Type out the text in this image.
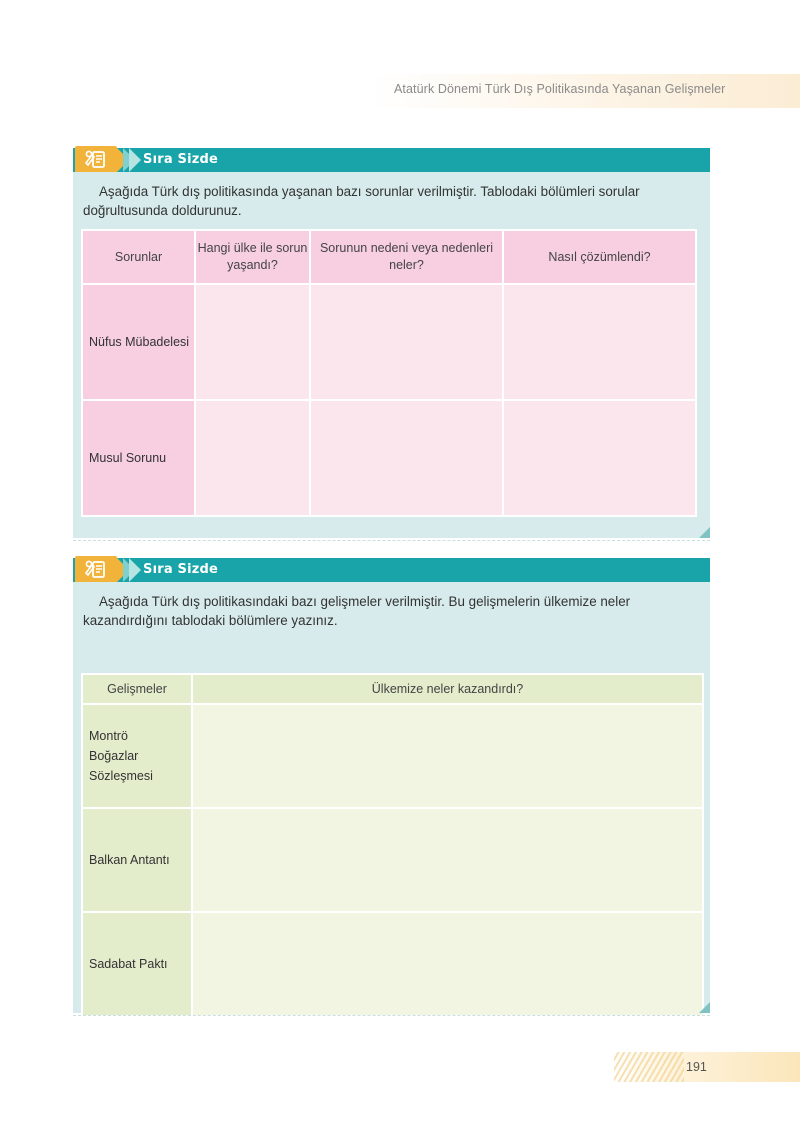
Atatürk Dönemi Türk Dış Politikasında Yaşanan Gelişmeler
Sıra Sizde
Aşağıda Türk dış politikasında yaşanan bazı sorunlar verilmiştir. Tablodaki bölümleri sorular doğrultusunda doldurunuz.
Sorunlar	Hangi ülke ile sorun yaşandı?	Sorunun nedeni veya nedenleri neler?	Nasıl çözümlendi?
Nüfus Mübadelesi			
Musul Sorunu			
Sıra Sizde
Aşağıda Türk dış politikasındaki bazı gelişmeler verilmiştir. Bu gelişmelerin ülkemize neler kazandırdığını tablodaki bölümlere yazınız.
Gelişmeler	Ülkemize neler kazandırdı?

Montrö Boğazlar Sözleşmesi	

Balkan Antantı	
Sadabat Paktı	
191
